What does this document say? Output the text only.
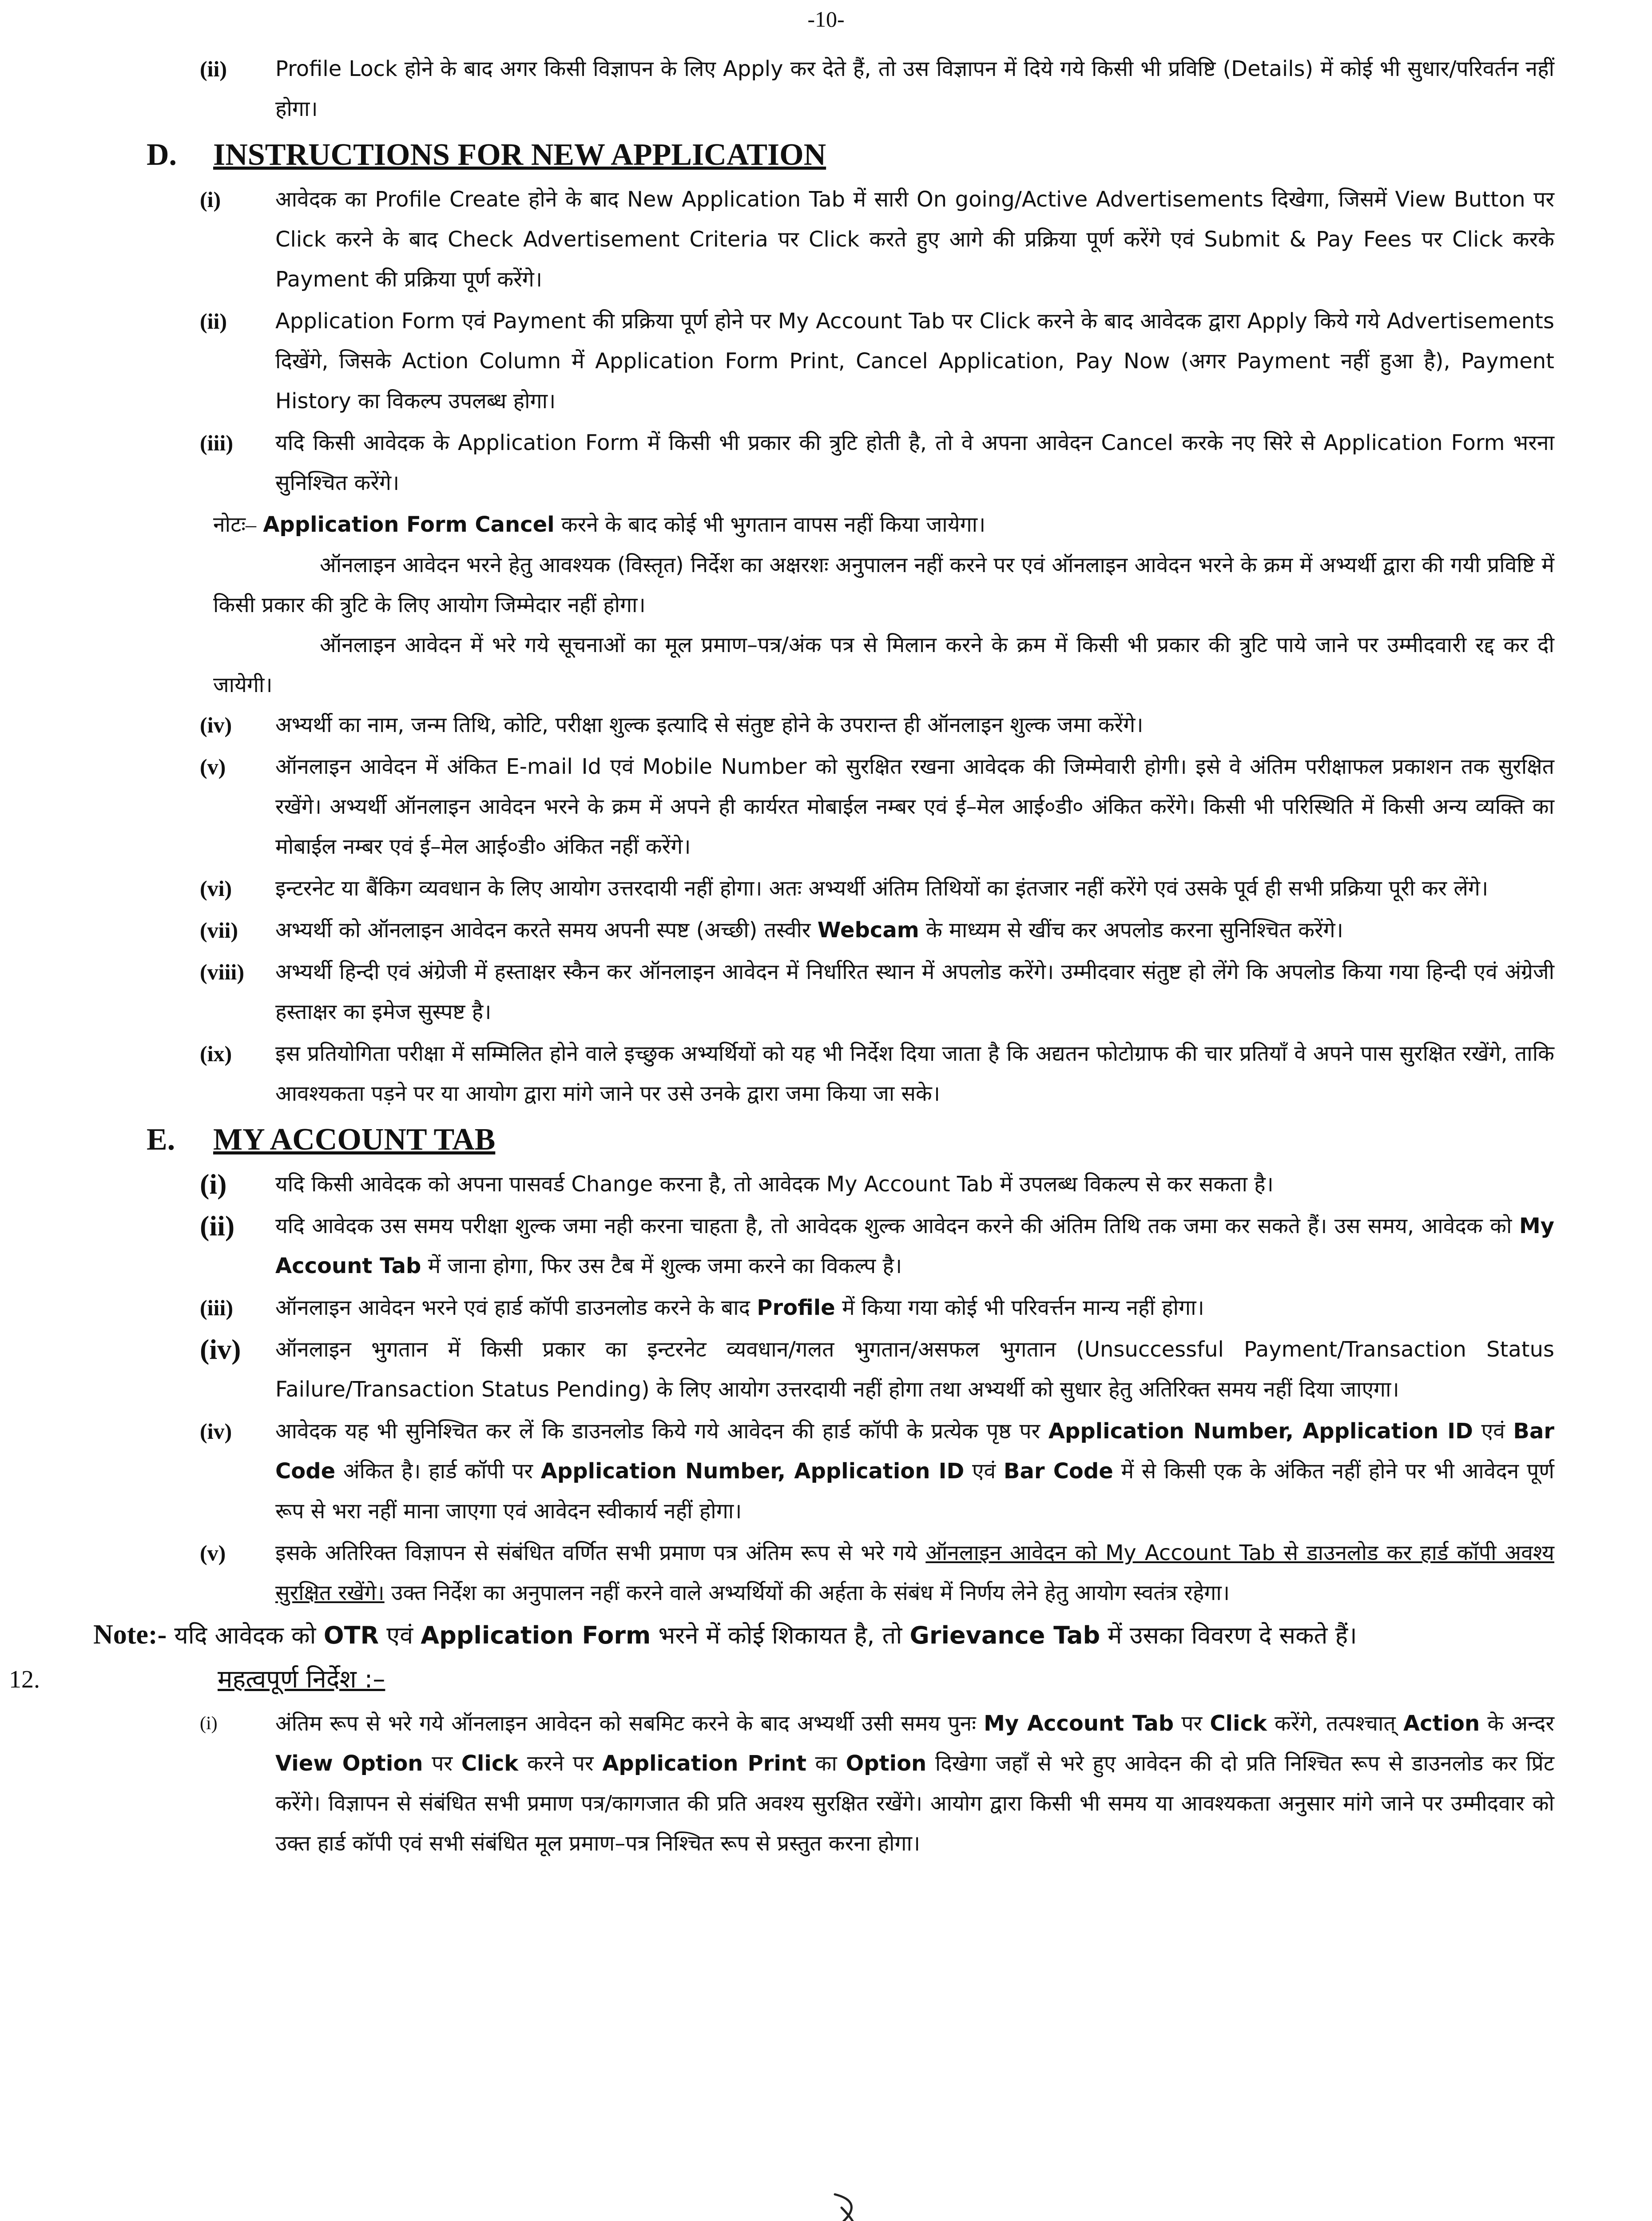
-10-
(ii) Profile Lock होने के बाद अगर किसी विज्ञापन के लिए Apply कर देते हैं, तो उस विज्ञापन में दिये गये किसी भी प्रविष्टि (Details) में कोई भी सुधार/परिवर्तन नहीं होगा।
D. INSTRUCTIONS FOR NEW APPLICATION
(i)	आवेदक का Profile Create होने के बाद New Application Tab में सारी On going/Active Advertisements दिखेगा, जिसमें View Button पर Click करने के बाद Check Advertisement Criteria पर Click करते हुए आगे की प्रक्रिया पूर्ण करेंगे एवं Submit & Pay Fees पर Click करके Payment की प्रक्रिया पूर्ण करेंगे।
(ii) Application Form एवं Payment की प्रक्रिया पूर्ण होने पर My Account Tab पर Click करने के बाद आवेदक द्वारा Apply किये गये Advertisements दिखेंगे, जिसके Action Column में Application Form Print, Cancel Application, Pay Now (अगर Payment नहीं हुआ है), Payment History का विकल्प उपलब्ध होगा।
(iii) यदि किसी आवेदक के Application Form में किसी भी प्रकार की त्रुटि होती है, तो वे अपना आवेदन Cancel करके नए सिरे से Application Form भरना सुनिश्चित करेंगे।
नोटः– Application Form Cancel करने के बाद कोई भी भुगतान वापस नहीं किया जायेगा।
ऑनलाइन आवेदन भरने हेतु आवश्यक (विस्तृत) निर्देश का अक्षरशः अनुपालन नहीं करने पर एवं ऑनलाइन आवेदन भरने के क्रम में अभ्यर्थी द्वारा की गयी प्रविष्टि में किसी प्रकार की त्रुटि के लिए आयोग जिम्मेदार नहीं होगा।
ऑनलाइन आवेदन में भरे गये सूचनाओं का मूल प्रमाण–पत्र/अंक पत्र से मिलान करने के क्रम में किसी भी प्रकार की त्रुटि पाये जाने पर उम्मीदवारी रद्द कर दी जायेगी।
(iv) अभ्यर्थी का नाम, जन्म तिथि, कोटि, परीक्षा शुल्क इत्यादि से संतुष्ट होने के उपरान्त ही ऑनलाइन शुल्क जमा करेंगे।
(v) ऑनलाइन आवेदन में अंकित E-mail Id एवं Mobile Number को सुरक्षित रखना आवेदक की जिम्मेवारी होगी। इसे वे अंतिम परीक्षाफल प्रकाशन तक सुरक्षित रखेंगे। अभ्यर्थी ऑनलाइन आवेदन भरने के क्रम में अपने ही कार्यरत मोबाईल नम्बर एवं ई–मेल आई०डी० अंकित करेंगे। किसी भी परिस्थिति में किसी अन्य व्यक्ति का मोबाईल नम्बर एवं ई–मेल आई०डी० अंकित नहीं करेंगे।
(vi) इन्टरनेट या बैंकिग व्यवधान के लिए आयोग उत्तरदायी नहीं होगा। अतः अभ्यर्थी अंतिम तिथियों का इंतजार नहीं करेंगे एवं उसके पूर्व ही सभी प्रक्रिया पूरी कर लेंगे।
(vii) अभ्यर्थी को ऑनलाइन आवेदन करते समय अपनी स्पष्ट (अच्छी) तस्वीर Webcam के माध्यम से खींच कर अपलोड करना सुनिश्चित करेंगे।
(viii) अभ्यर्थी हिन्दी एवं अंग्रेजी में हस्ताक्षर स्कैन कर ऑनलाइन आवेदन में निर्धारित स्थान में अपलोड करेंगे। उम्मीदवार संतुष्ट हो लेंगे कि अपलोड किया गया हिन्दी एवं अंग्रेजी हस्ताक्षर का इमेज सुस्पष्ट है।
(ix) इस प्रतियोगिता परीक्षा में सम्मिलित होने वाले इच्छुक अभ्यर्थियों को यह भी निर्देश दिया जाता है कि अद्यतन फोटोग्राफ की चार प्रतियाँ वे अपने पास सुरक्षित रखेंगे, ताकि आवश्यकता पड़ने पर या आयोग द्वारा मांगे जाने पर उसे उनके द्वारा जमा किया जा सके।
E. MY ACCOUNT TAB
(i) यदि किसी आवेदक को अपना पासवर्ड Change करना है, तो आवेदक My Account Tab में उपलब्ध विकल्प से कर सकता है।
(ii) यदि आवेदक उस समय परीक्षा शुल्क जमा नही करना चाहता है, तो आवेदक शुल्क आवेदन करने की अंतिम तिथि तक जमा कर सकते हैं। उस समय, आवेदक को My Account Tab में जाना होगा, फिर उस टैब में शुल्क जमा करने का विकल्प है।
(iii) ऑनलाइन आवेदन भरने एवं हार्ड कॉपी डाउनलोड करने के बाद Profile में किया गया कोई भी परिवर्त्तन मान्य नहीं होगा।
(iv) ऑनलाइन भुगतान में किसी प्रकार का इन्टरनेट व्यवधान/गलत भुगतान/असफल भुगतान (Unsuccessful Payment/Transaction Status Failure/Transaction Status Pending) के लिए आयोग उत्तरदायी नहीं होगा तथा अभ्यर्थी को सुधार हेतु अतिरिक्त समय नहीं दिया जाएगा।
(iv) आवेदक यह भी सुनिश्चित कर लें कि डाउनलोड किये गये आवेदन की हार्ड कॉपी के प्रत्येक पृष्ठ पर Application Number, Application ID एवं Bar Code अंकित है। हार्ड कॉपी पर Application Number, Application ID एवं Bar Code में से किसी एक के अंकित नहीं होने पर भी आवेदन पूर्ण रूप से भरा नहीं माना जाएगा एवं आवेदन स्वीकार्य नहीं होगा।
(v) इसके अतिरिक्त विज्ञापन से संबंधित वर्णित सभी प्रमाण पत्र अंतिम रूप से भरे गये ऑनलाइन आवेदन को My Account Tab से डाउनलोड कर हार्ड कॉपी अवश्य सुरक्षित रखेंगे। उक्त निर्देश का अनुपालन नहीं करने वाले अभ्यर्थियों की अर्हता के संबंध में निर्णय लेने हेतु आयोग स्वतंत्र रहेगा।
Note:- यदि आवेदक को OTR एवं Application Form भरने में कोई शिकायत है, तो Grievance Tab में उसका विवरण दे सकते हैं।
12.	महत्वपूर्ण निर्देश :–
(i)	अंतिम रूप से भरे गये ऑनलाइन आवेदन को सबमिट करने के बाद अभ्यर्थी उसी समय पुनः My Account Tab पर Click करेंगे, तत्पश्चात् Action के अन्दर View Option पर Click करने पर Application Print का Option दिखेगा जहाँ से भरे हुए आवेदन की दो प्रति निश्चित रूप से डाउनलोड कर प्रिंट करेंगे। विज्ञापन से संबंधित सभी प्रमाण पत्र/कागजात की प्रति अवश्य सुरक्षित रखेंगे। आयोग द्वारा किसी भी समय या आवश्यकता अनुसार मांगे जाने पर उम्मीदवार को उक्त हार्ड कॉपी एवं सभी संबंधित मूल प्रमाण–पत्र निश्चित रूप से प्रस्तुत करना होगा।
